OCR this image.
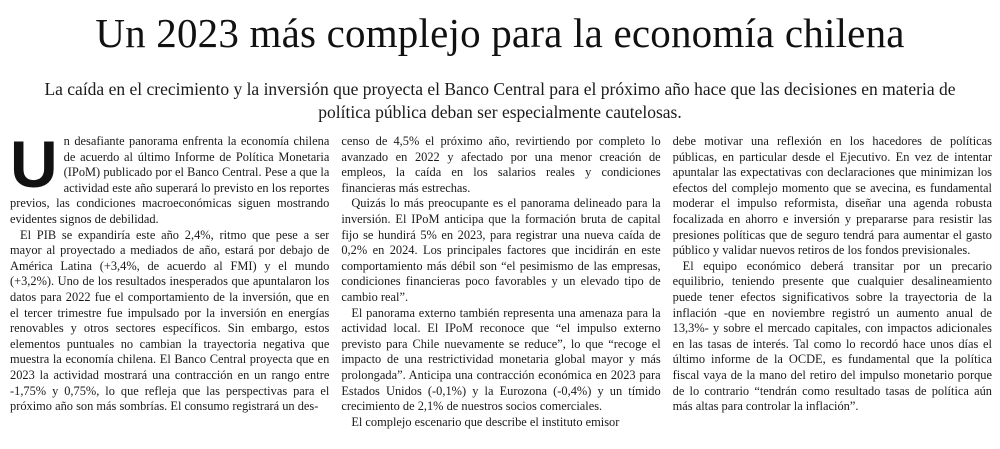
Un 2023 más complejo para la economía chilena

La caída en el crecimiento y la inversión que proyecta el Banco Central para el próximo año hace que las decisiones en materia de política pública deban ser especialmente cautelosas.

Un desafiante panorama enfrenta la economía chilena de acuerdo al último Informe de Política Monetaria (IPoM) publicado por el Banco Central. Pese a que la actividad este año superará lo previsto en los reportes previos, las condiciones macroeconómicas siguen mostrando evidentes signos de debilidad.

El PIB se expandiría este año 2,4%, ritmo que pese a ser mayor al proyectado a mediados de año, estará por debajo de América Latina (+3,4%, de acuerdo al FMI) y el mundo (+3,2%). Uno de los resultados inesperados que apuntalaron los datos para 2022 fue el comportamiento de la inversión, que en el tercer trimestre fue impulsado por la inversión en energías renovables y otros sectores específicos. Sin embargo, estos elementos puntuales no cambian la trayectoria negativa que muestra la economía chilena. El Banco Central proyecta que en 2023 la actividad mostrará una contracción en un rango entre -1,75% y 0,75%, lo que refleja que las perspectivas para el próximo año son más sombrías. El consumo registrará un des-

censo de 4,5% el próximo año, revirtiendo por completo lo avanzado en 2022 y afectado por una menor creación de empleos, la caída en los salarios reales y condiciones financieras más estrechas.

Quizás lo más preocupante es el panorama delineado para la inversión. El IPoM anticipa que la formación bruta de capital fijo se hundirá 5% en 2023, para registrar una nueva caída de 0,2% en 2024. Los principales factores que incidirán en este comportamiento más débil son “el pesimismo de las empresas, condiciones financieras poco favorables y un elevado tipo de cambio real”.

El panorama externo también representa una amenaza para la actividad local. El IPoM reconoce que “el impulso externo previsto para Chile nuevamente se reduce”, lo que “recoge el impacto de una restrictividad monetaria global mayor y más prolongada”. Anticipa una contracción económica en 2023 para Estados Unidos (-0,1%) y la Eurozona (-0,4%) y un tímido crecimiento de 2,1% de nuestros socios comerciales.

El complejo escenario que describe el instituto emisor

debe motivar una reflexión en los hacedores de políticas públicas, en particular desde el Ejecutivo. En vez de intentar apuntalar las expectativas con declaraciones que minimizan los efectos del complejo momento que se avecina, es fundamental moderar el impulso reformista, diseñar una agenda robusta focalizada en ahorro e inversión y prepararse para resistir las presiones políticas que de seguro tendrá para aumentar el gasto público y validar nuevos retiros de los fondos previsionales.

El equipo económico deberá transitar por un precario equilibrio, teniendo presente que cualquier desalineamiento puede tener efectos significativos sobre la trayectoria de la inflación -que en noviembre registró un aumento anual de 13,3%- y sobre el mercado capitales, con impactos adicionales en las tasas de interés. Tal como lo recordó hace unos días el último informe de la OCDE, es fundamental que la política fiscal vaya de la mano del retiro del impulso monetario porque de lo contrario “tendrán como resultado tasas de política aún más altas para controlar la inflación”.
